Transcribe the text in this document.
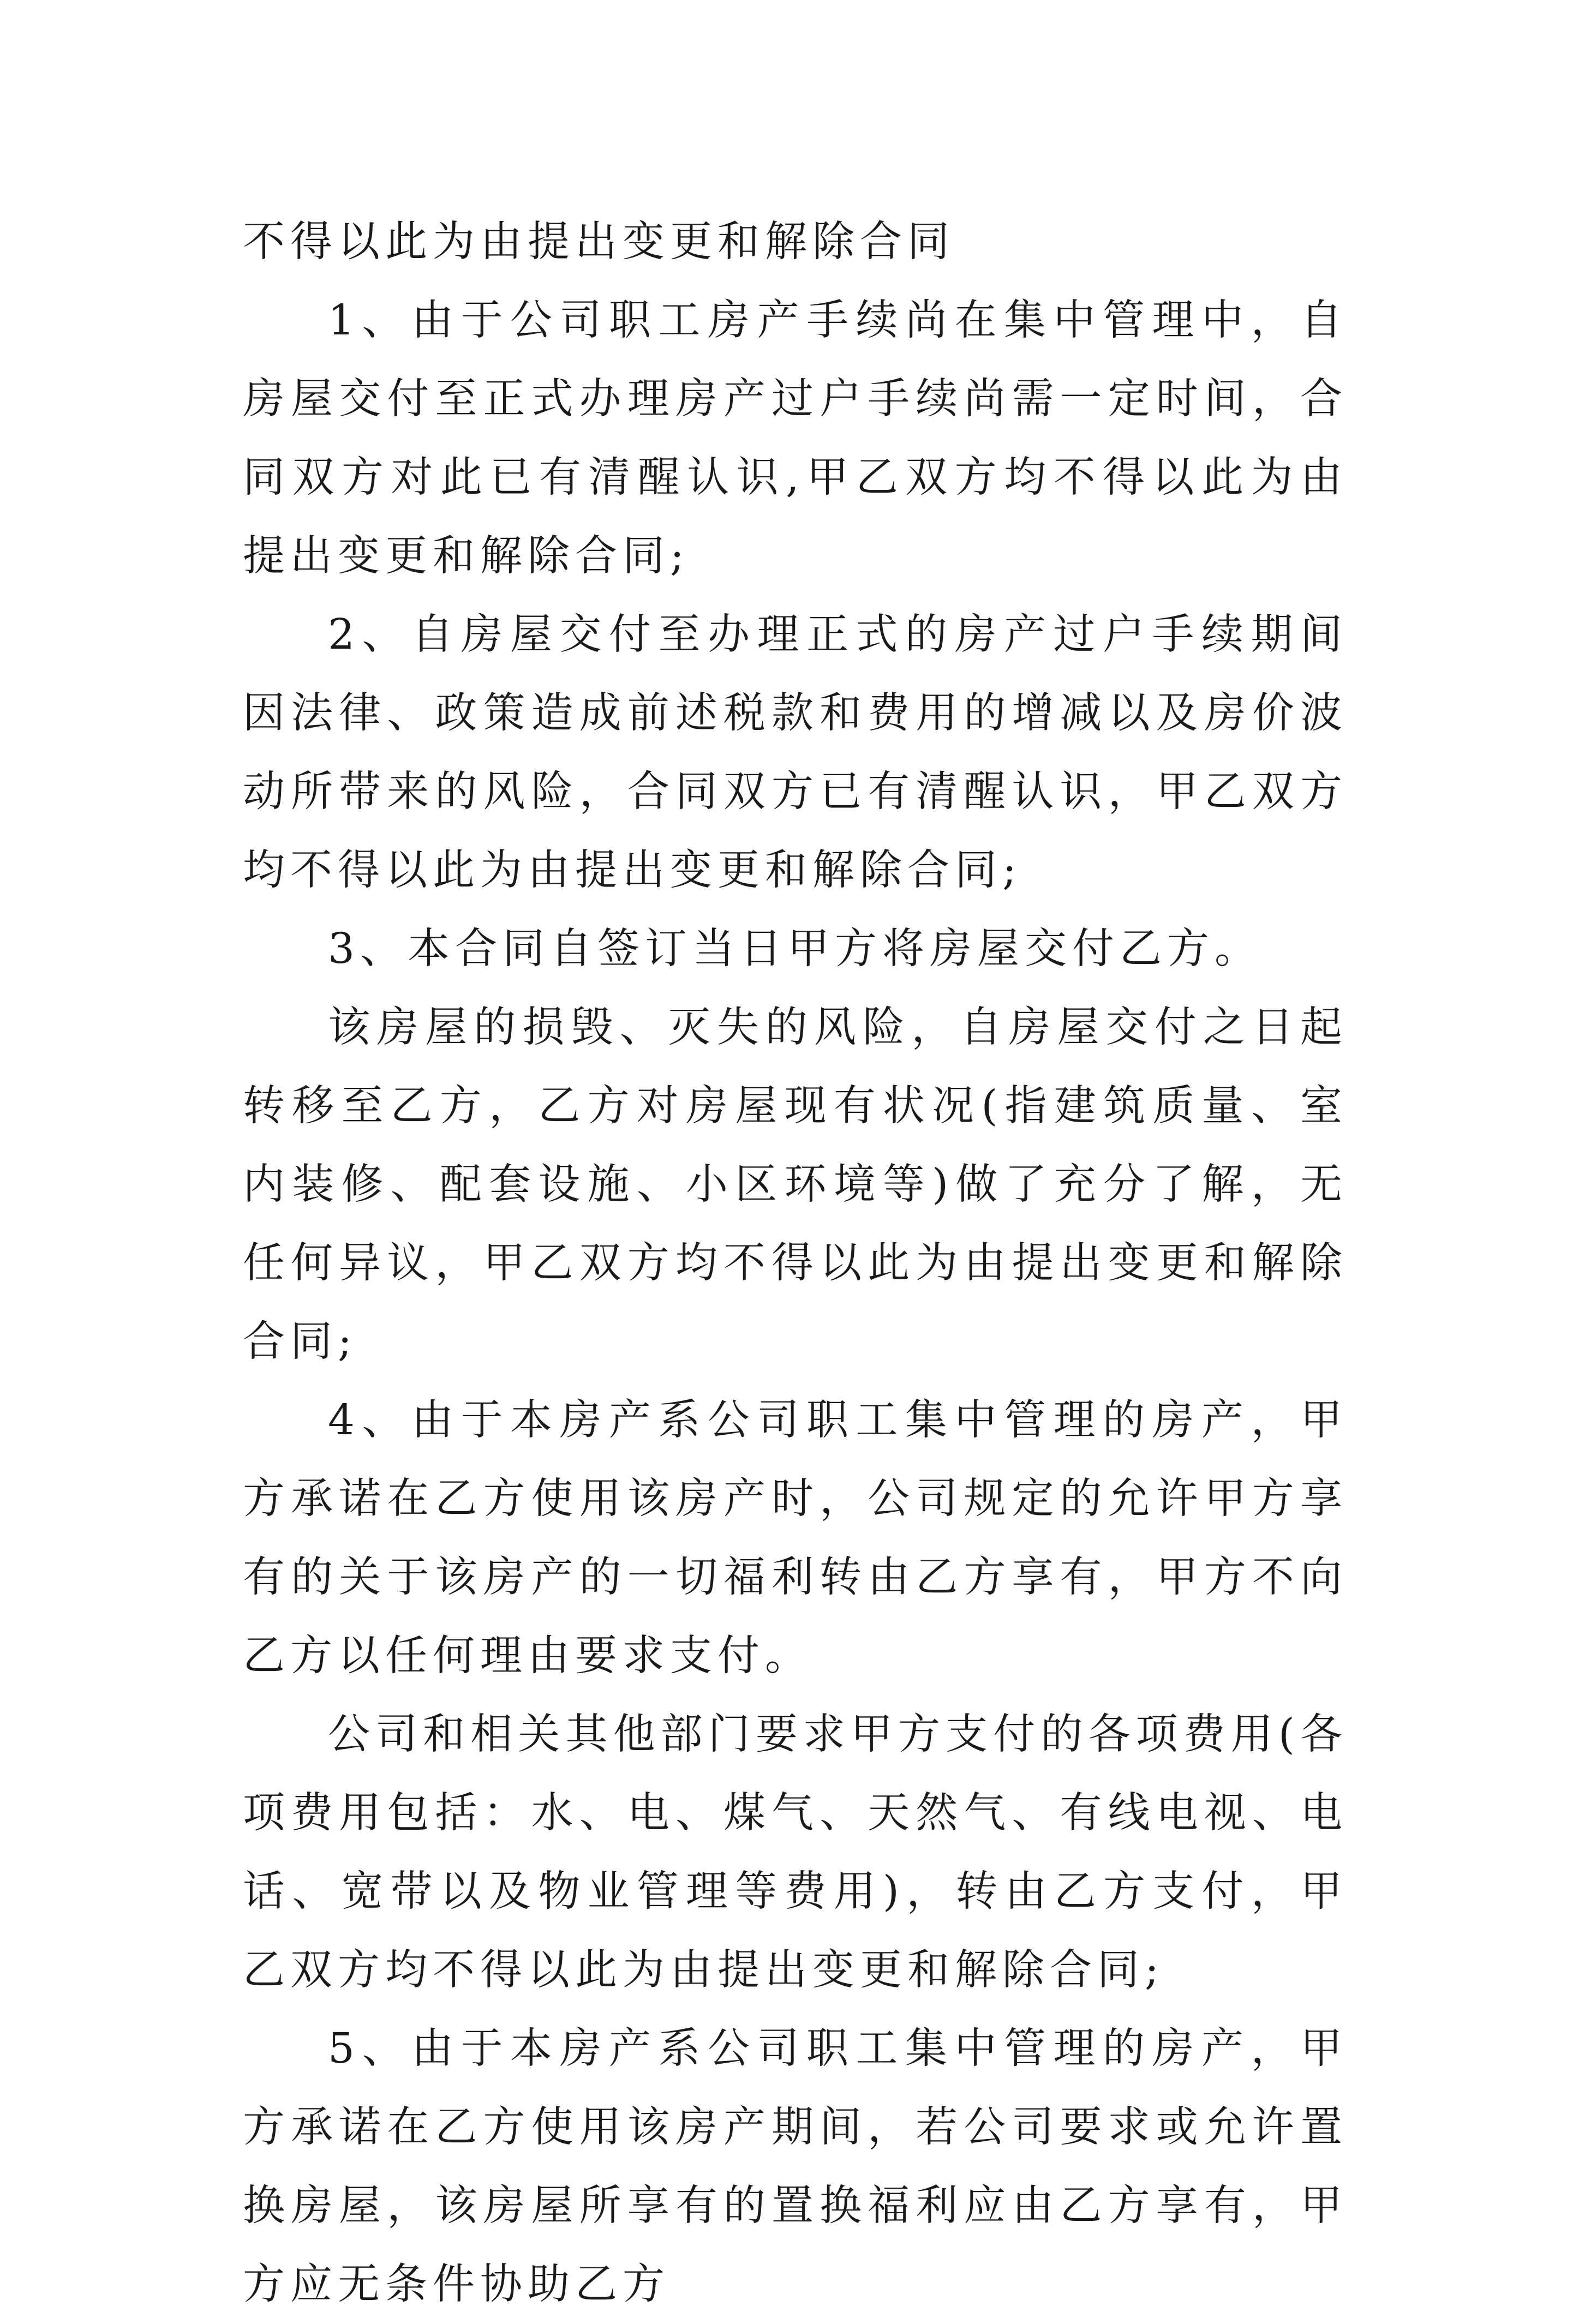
不得以此为由提出变更和解除合同

1、由于公司职工房产手续尚在集中管理中，自房屋交付至正式办理房产过户手续尚需一定时间，合同双方对此已有清醒认识,甲乙双方均不得以此为由提出变更和解除合同;

2、自房屋交付至办理正式的房产过户手续期间因法律、政策造成前述税款和费用的增减以及房价波动所带来的风险，合同双方已有清醒认识，甲乙双方均不得以此为由提出变更和解除合同;

3、本合同自签订当日甲方将房屋交付乙方。

该房屋的损毁、灭失的风险，自房屋交付之日起转移至乙方，乙方对房屋现有状况(指建筑质量、室内装修、配套设施、小区环境等)做了充分了解，无任何异议，甲乙双方均不得以此为由提出变更和解除合同;

4、由于本房产系公司职工集中管理的房产，甲方承诺在乙方使用该房产时，公司规定的允许甲方享有的关于该房产的一切福利转由乙方享有，甲方不向乙方以任何理由要求支付。

公司和相关其他部门要求甲方支付的各项费用(各项费用包括：水、电、煤气、天然气、有线电视、电话、宽带以及物业管理等费用)，转由乙方支付，甲乙双方均不得以此为由提出变更和解除合同;

5、由于本房产系公司职工集中管理的房产，甲方承诺在乙方使用该房产期间，若公司要求或允许置换房屋，该房屋所享有的置换福利应由乙方享有，甲方应无条件协助乙方
